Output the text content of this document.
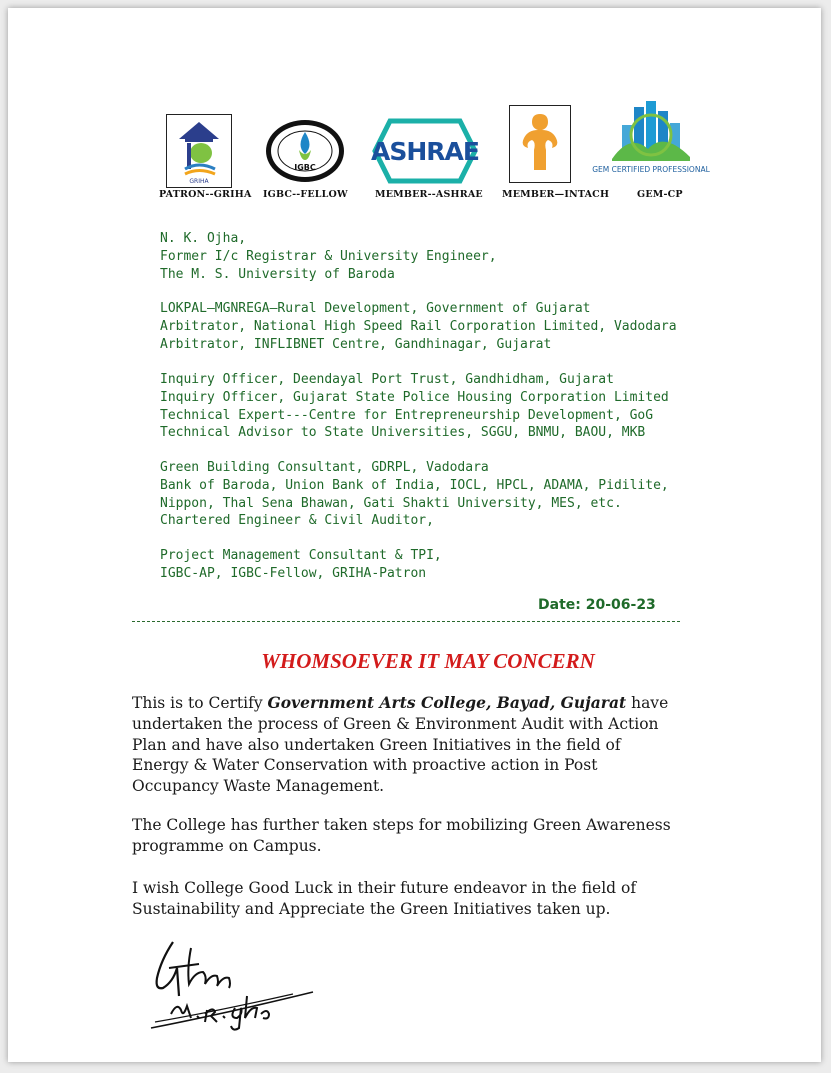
GRIHA
PATRON--GRIHA
IGBC
IGBC--FELLOW
ASHRAE
MEMBER--ASHRAE MEMBER—INTACH
GEM CERTIFIED PROFESSIONAL
GEM-CP
N. K. Ojha,
Former I/c Registrar & University Engineer,
The M. S. University of Baroda
LOKPAL—MGNREGA—Rural Development, Government of Gujarat
Arbitrator, National High Speed Rail Corporation Limited, Vadodara
Arbitrator, INFLIBNET Centre, Gandhinagar, Gujarat
Inquiry Officer, Deendayal Port Trust, Gandhidham, Gujarat
Inquiry Officer, Gujarat State Police Housing Corporation Limited
Technical Expert---Centre for Entrepreneurship Development, GoG
Technical Advisor to State Universities, SGGU, BNMU, BAOU, MKB
Green Building Consultant, GDRPL, Vadodara
Bank of Baroda, Union Bank of India, IOCL, HPCL, ADAMA, Pidilite,
Nippon, Thal Sena Bhawan, Gati Shakti University, MES, etc.
Chartered Engineer & Civil Auditor,
Project Management Consultant & TPI,
IGBC-AP, IGBC-Fellow, GRIHA-Patron
Date: 20-06-23
WHOMSOEVER IT MAY CONCERN
This is to Certify Government Arts College, Bayad, Gujarat have
undertaken the process of Green & Environment Audit with Action
Plan and have also undertaken Green Initiatives in the field of
Energy & Water Conservation with proactive action in Post
Occupancy Waste Management.
The College has further taken steps for mobilizing Green Awareness
programme on Campus.
I wish College Good Luck in their future endeavor in the field of
Sustainability and Appreciate the Green Initiatives taken up.
